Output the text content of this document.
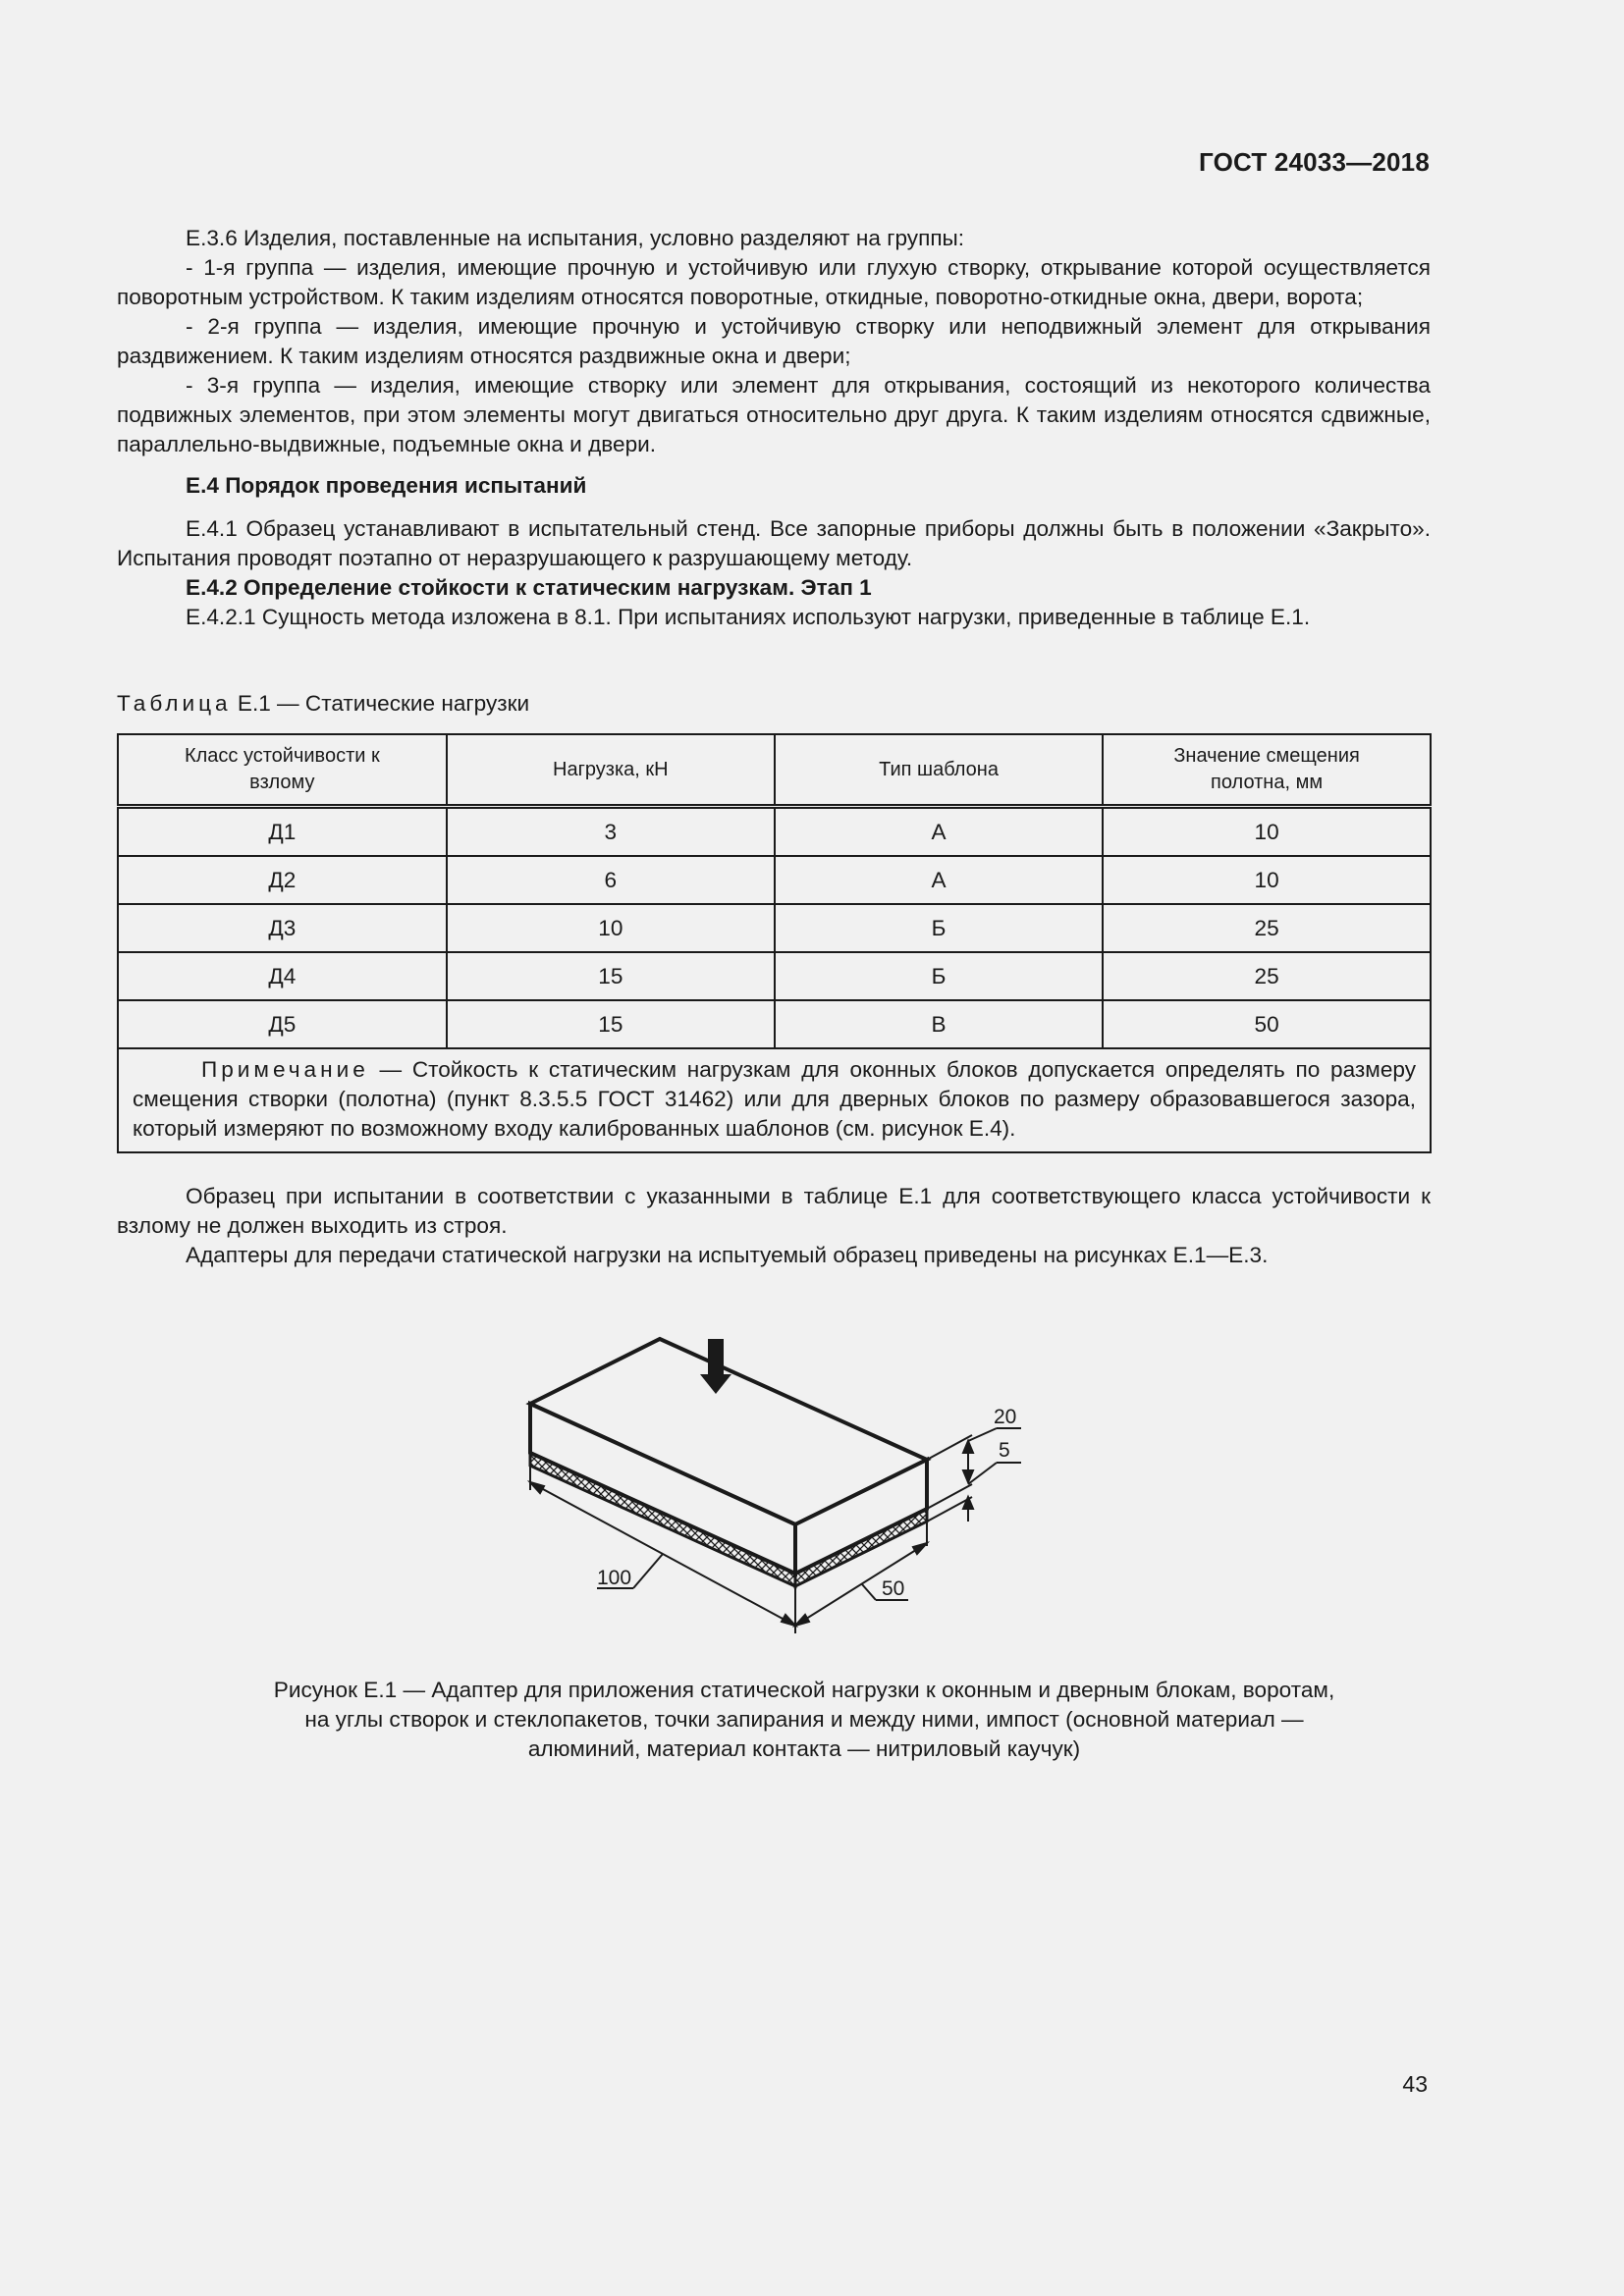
ГОСТ 24033—2018

Е.3.6 Изделия, поставленные на испытания, условно разделяют на группы:

- 1-я группа — изделия, имеющие прочную и устойчивую или глухую створку, открывание которой осуществляется поворотным устройством. К таким изделиям относятся поворотные, откидные, поворотно-откидные окна, двери, ворота;

- 2-я группа — изделия, имеющие прочную и устойчивую створку или неподвижный элемент для открывания раздвижением. К таким изделиям относятся раздвижные окна и двери;

- 3-я группа — изделия, имеющие створку или элемент для открывания, состоящий из некоторого количества подвижных элементов, при этом элементы могут двигаться относительно друг друга. К таким изделиям относятся сдвижные, параллельно-выдвижные, подъемные окна и двери.

Е.4 Порядок проведения испытаний

Е.4.1 Образец устанавливают в испытательный стенд. Все запорные приборы должны быть в положении «Закрыто». Испытания проводят поэтапно от неразрушающего к разрушающему методу.

Е.4.2 Определение стойкости к статическим нагрузкам. Этап 1

Е.4.2.1 Сущность метода изложена в 8.1. При испытаниях используют нагрузки, приведенные в таблице Е.1.

Таблица Е.1 — Статические нагрузки
Класс устойчивости к взлому	Нагрузка, кН	Тип шаблона	Значение смещения полотна, мм

Д1	3	А	10
Д2	6	А	10
Д3	10	Б	25
Д4	15	Б	25
Д5	15	В	50
Примечание — Стойкость к статическим нагрузкам для оконных блоков допускается определять по размеру смещения створки (полотна) (пункт 8.3.5.5 ГОСТ 31462) или для дверных блоков по размеру образовавшегося зазора, который измеряют по возможному входу калиброванных шаблонов (см. рисунок Е.4).			

Образец при испытании в соответствии с указанными в таблице Е.1 для соответствующего класса устойчивости к взлому не должен выходить из строя.

Адаптеры для передачи статической нагрузки на испытуемый образец приведены на рисунках Е.1—Е.3.

100	50
20
5
Рисунок Е.1 — Адаптер для приложения статической нагрузки к оконным и дверным блокам, воротам,
на углы створок и стеклопакетов, точки запирания и между ними, импост (основной материал —
алюминий, материал контакта — нитриловый каучук)
43
